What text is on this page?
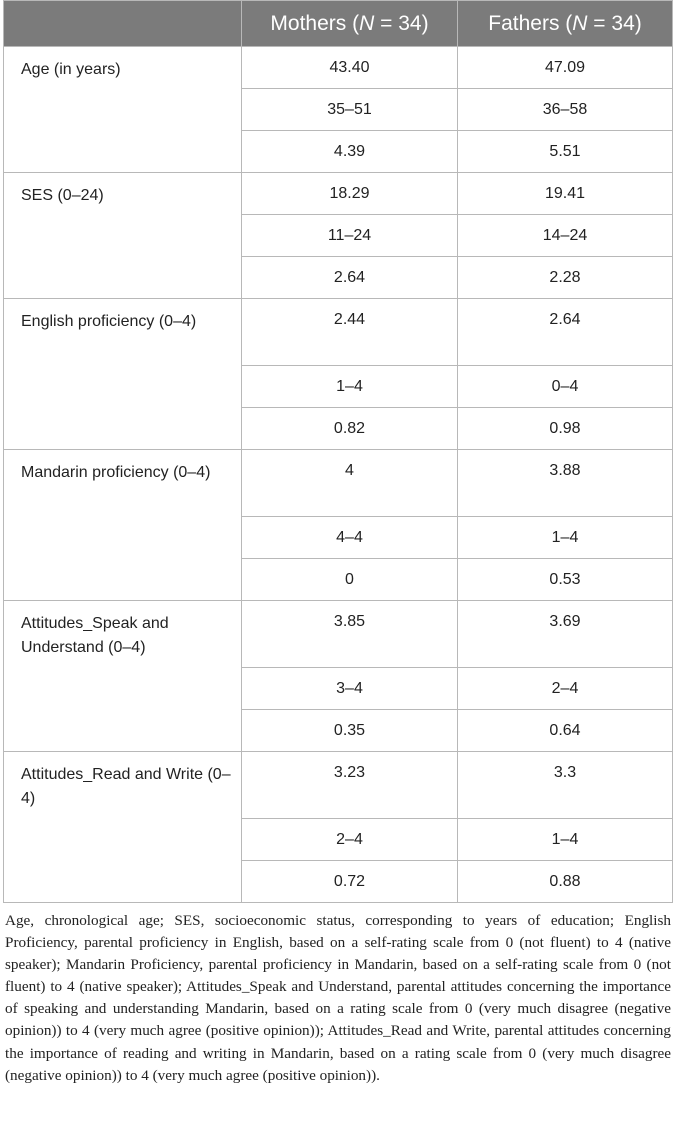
	Mothers (N = 34)	Fathers (N = 34)
Age (in years)	43.40	47.09
	35–51	36–58
	4.39	5.51
SES (0–24)	18.29	19.41
	11–24	14–24
	2.64	2.28
English proficiency (0–4)	2.44	2.64
	1–4	0–4
	0.82	0.98
Mandarin proficiency (0–4)	4	3.88
	4–4	1–4
	0	0.53
Attitudes_Speak and Understand (0–4)	3.85	3.69
	3–4	2–4
	0.35	0.64
Attitudes_Read and Write (0–4)	3.23	3.3
	2–4	1–4
	0.72	0.88

Age, chronological age; SES, socioeconomic status, corresponding to years of education; English Proficiency, parental proficiency in English, based on a self-rating scale from 0 (not fluent) to 4 (native speaker); Mandarin Proficiency, parental proficiency in Mandarin, based on a self-rating scale from 0 (not fluent) to 4 (native speaker); Attitudes_Speak and Understand, parental attitudes concerning the importance of speaking and understanding Mandarin, based on a rating scale from 0 (very much disagree (negative opinion)) to 4 (very much agree (positive opinion)); Attitudes_Read and Write, parental attitudes concerning the importance of reading and writing in Mandarin, based on a rating scale from 0 (very much disagree (negative opinion)) to 4 (very much agree (positive opinion)).
